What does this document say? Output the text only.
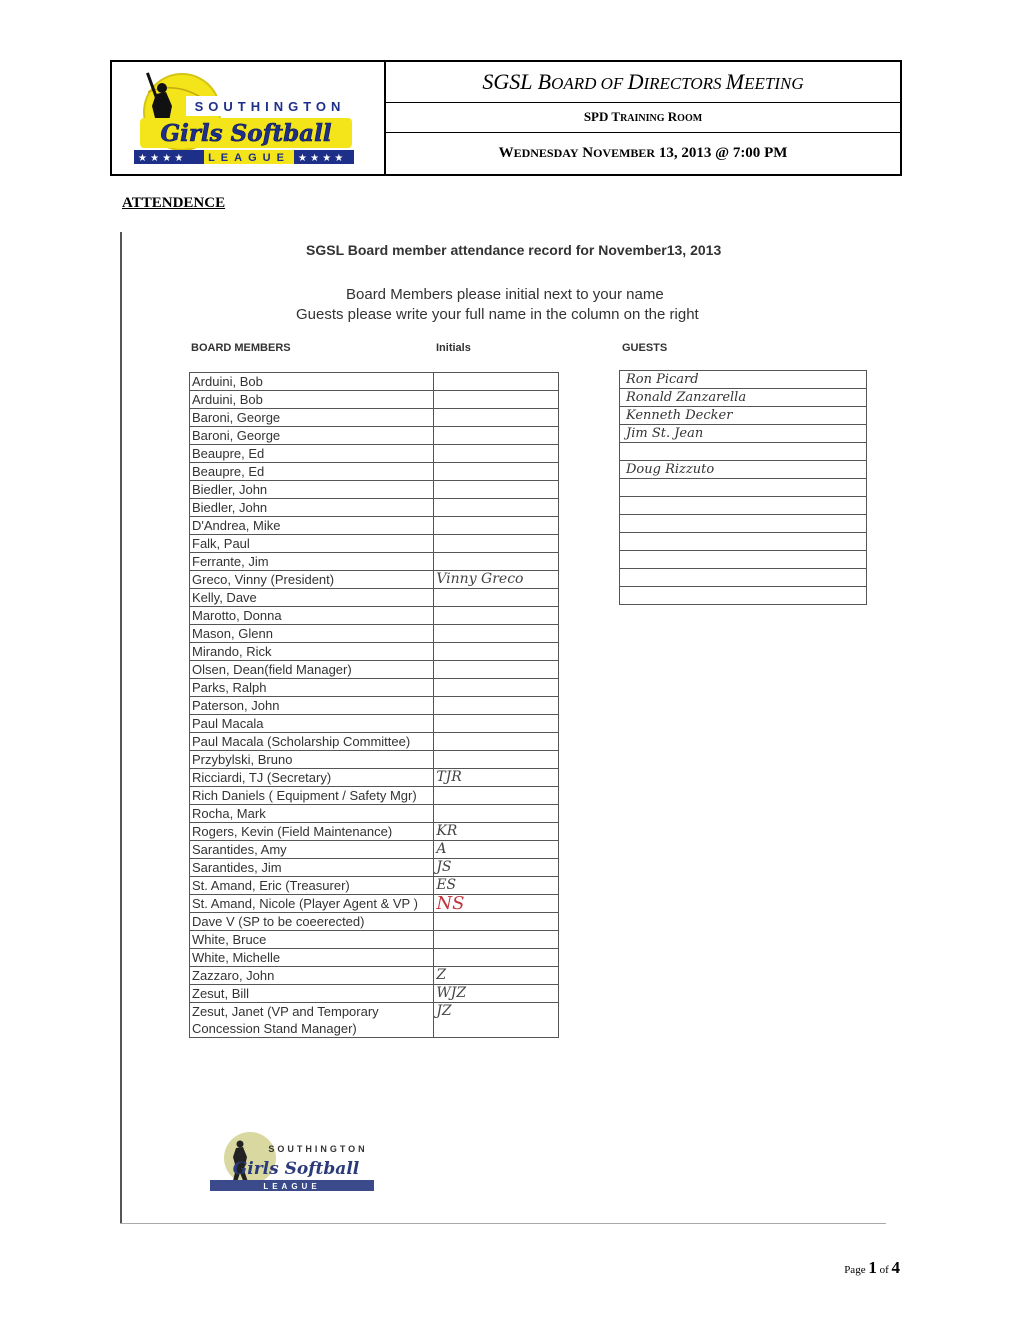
SOUTHINGTON
Girls Softball
★ ★ ★ ★ LEAGUE ★ ★ ★ ★
SGSL BOARD OF DIRECTORS MEETING
SPD TRAINING ROOM
WEDNESDAY NOVEMBER 13, 2013 @ 7:00 PM
ATTENDENCE
SGSL Board member attendance record for November13, 2013
Board Members please initial next to your name
Guests please write your full name in the column on the right
BOARD MEMBERS	Initials	GUESTS
Arduini, Bob	
Arduini, Bob	
Baroni, George	
Baroni, George	
Beaupre, Ed	
Beaupre, Ed	
Biedler, John	
Biedler, John	
D'Andrea, Mike	
Falk, Paul	
Ferrante, Jim	
Greco, Vinny (President)	Vinny Greco
Kelly, Dave	
Marotto, Donna	
Mason, Glenn	
Mirando, Rick	
Olsen, Dean(field Manager)	
Parks, Ralph	
Paterson, John	
Paul Macala	
Paul Macala (Scholarship Committee)	
Przybylski, Bruno	
Ricciardi, TJ (Secretary)	TJR
Rich Daniels ( Equipment / Safety Mgr)	
Rocha, Mark	
Rogers, Kevin (Field Maintenance)	KR
Sarantides, Amy	A
Sarantides, Jim	JS
St. Amand, Eric (Treasurer)	ES
St. Amand, Nicole (Player Agent & VP )	NS
Dave V (SP to be coeerected)	
White, Bruce	
White, Michelle	
Zazzaro, John	Z
Zesut, Bill	WJZ
Zesut, Janet (VP and Temporary Concession Stand Manager)	JZ
Ron Picard
Ronald Zanzarella
Kenneth Decker
Jim St. Jean

Doug Rizzuto

SOUTHINGTON
Girls Softball
LEAGUE
Page 1 of 4
